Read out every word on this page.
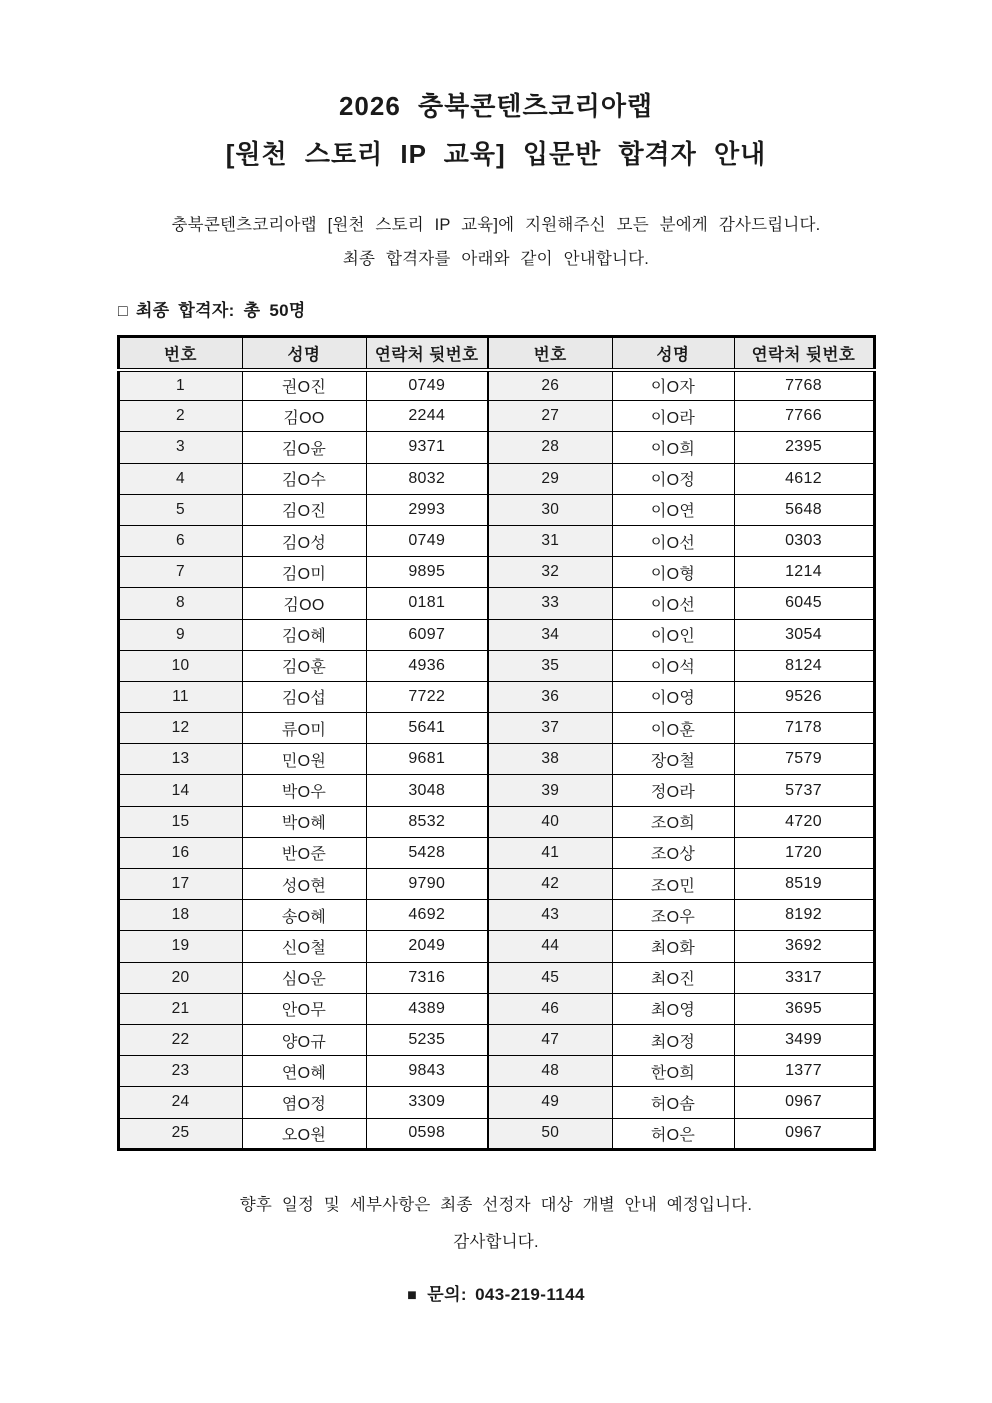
2026 충북콘텐츠코리아랩
[원천 스토리 IP 교육] 입문반 합격자 안내

충북콘텐츠코리아랩 [원천 스토리 IP 교육]에 지원해주신 모든 분에게 감사드립니다.

최종 합격자를 아래와 같이 안내합니다.

□ 최종 합격자: 총 50명
번호	성명	연락처 뒷번호	번호	성명	연락처 뒷번호
1	권O진	0749	26	이O자	7768
2	김OO	2244	27	이O라	7766
3	김O윤	9371	28	이O희	2395
4	김O수	8032	29	이O정	4612
5	김O진	2993	30	이O연	5648
6	김O성	0749	31	이O선	0303
7	김O미	9895	32	이O형	1214
8	김OO	0181	33	이O선	6045
9	김O혜	6097	34	이O인	3054
10	김O훈	4936	35	이O석	8124
11	김O섭	7722	36	이O영	9526
12	류O미	5641	37	이O훈	7178
13	민O원	9681	38	장O철	7579
14	박O우	3048	39	정O라	5737
15	박O혜	8532	40	조O희	4720
16	반O준	5428	41	조O상	1720
17	성O현	9790	42	조O민	8519
18	송O혜	4692	43	조O우	8192
19	신O철	2049	44	최O화	3692
20	심O운	7316	45	최O진	3317
21	안O무	4389	46	최O영	3695
22	양O규	5235	47	최O정	3499
23	연O혜	9843	48	한O희	1377
24	염O정	3309	49	허O솜	0967
25	오O원	0598	50	허O은	0967

향후 일정 및 세부사항은 최종 선정자 대상 개별 안내 예정입니다.

감사합니다.

■ 문의: 043-219-1144
